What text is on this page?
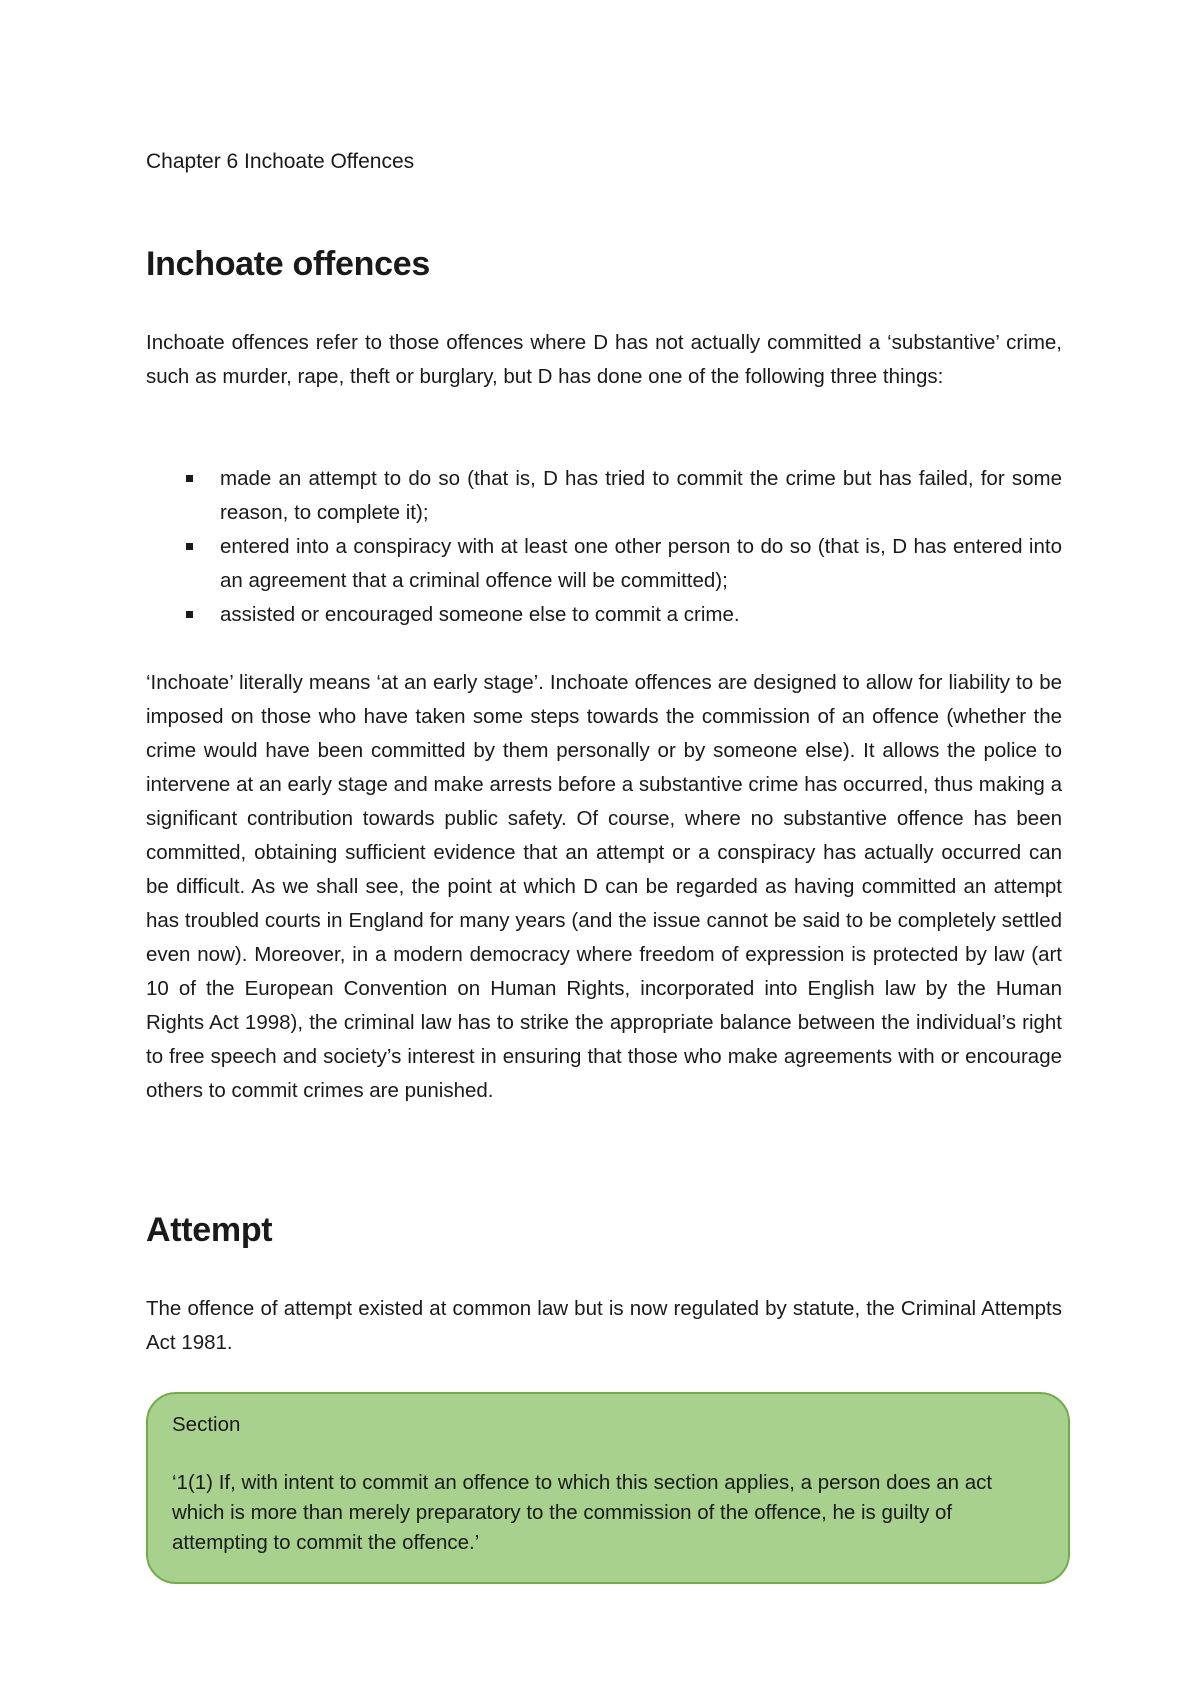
Chapter 6 Inchoate Offences

Inchoate offences

Inchoate offences refer to those offences where D has not actually committed a ‘substantive’ crime, such as murder, rape, theft or burglary, but D has done one of the following three things:

made an attempt to do so (that is, D has tried to commit the crime but has failed, for some reason, to complete it);
entered into a conspiracy with at least one other person to do so (that is, D has entered into an agreement that a criminal offence will be committed);
assisted or encouraged someone else to commit a crime.

‘Inchoate’ literally means ‘at an early stage’. Inchoate offences are designed to allow for liability to be imposed on those who have taken some steps towards the commission of an offence (whether the crime would have been committed by them personally or by someone else). It allows the police to intervene at an early stage and make arrests before a substantive crime has occurred, thus making a significant contribution towards public safety. Of course, where no substantive offence has been committed, obtaining sufficient evidence that an attempt or a conspiracy has actually occurred can be difficult. As we shall see, the point at which D can be regarded as having committed an attempt has troubled courts in England for many years (and the issue cannot be said to be completely settled even now). Moreover, in a modern democracy where freedom of expression is protected by law (art 10 of the European Convention on Human Rights, incorporated into English law by the Human Rights Act 1998), the criminal law has to strike the appropriate balance between the individual’s right to free speech and society’s interest in ensuring that those who make agreements with or encourage others to commit crimes are punished.

Attempt

The offence of attempt existed at common law but is now regulated by statute, the Criminal Attempts Act 1981.

Section

‘1(1) If, with intent to commit an offence to which this section applies, a person does an act which is more than merely preparatory to the commission of the offence, he is guilty of attempting to commit the offence.’
